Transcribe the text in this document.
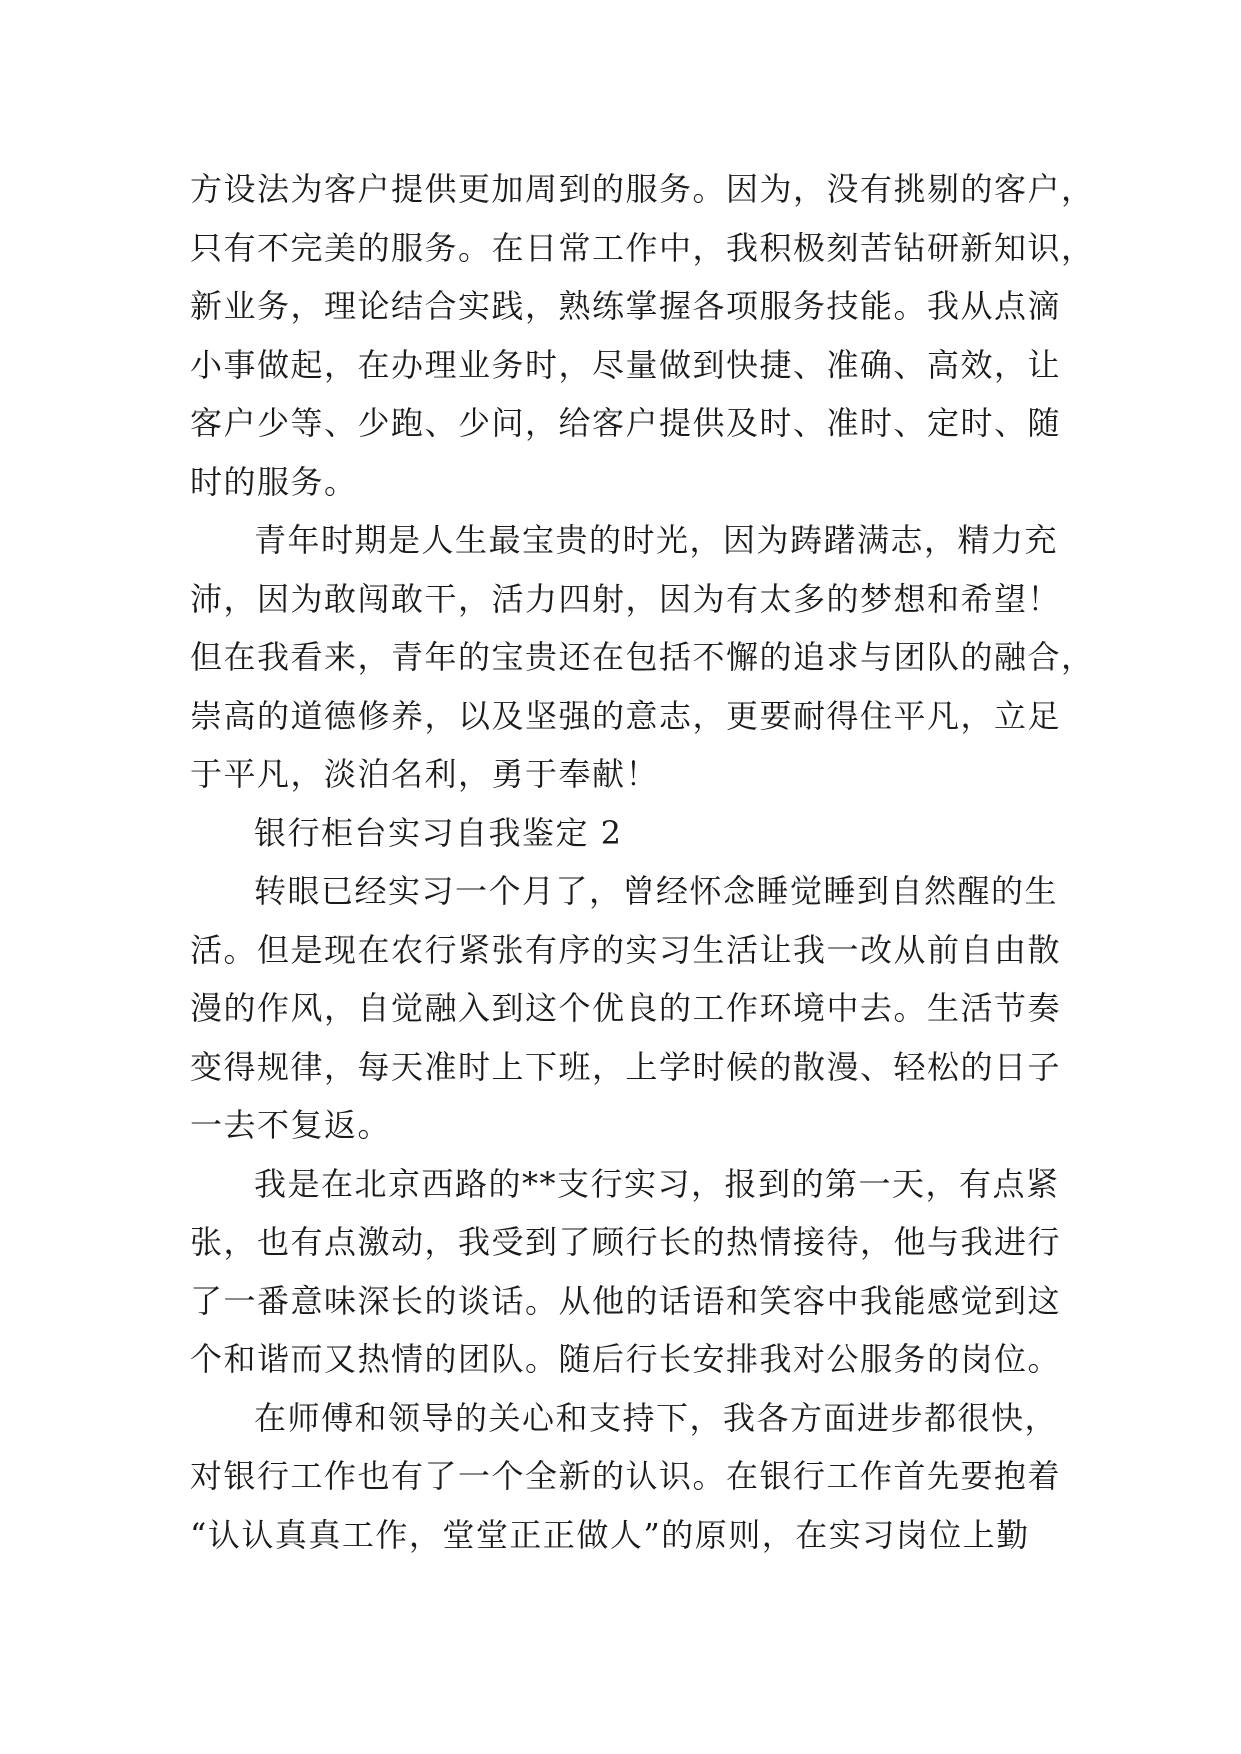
方设法为客户提供更加周到的服务。因为，没有挑剔的客户，
只有不完美的服务。在日常工作中，我积极刻苦钻研新知识，
新业务，理论结合实践，熟练掌握各项服务技能。我从点滴
小事做起，在办理业务时，尽量做到快捷、准确、高效，让
客户少等、少跑、少问，给客户提供及时、准时、定时、随
时的服务。
青年时期是人生最宝贵的时光，因为踌躇满志，精力充
沛，因为敢闯敢干，活力四射，因为有太多的梦想和希望！
但在我看来，青年的宝贵还在包括不懈的追求与团队的融合，
崇高的道德修养，以及坚强的意志，更要耐得住平凡，立足
于平凡，淡泊名利，勇于奉献！
银行柜台实习自我鉴定 2
转眼已经实习一个月了，曾经怀念睡觉睡到自然醒的生
活。但是现在农行紧张有序的实习生活让我一改从前自由散
漫的作风，自觉融入到这个优良的工作环境中去。生活节奏
变得规律，每天准时上下班，上学时候的散漫、轻松的日子
一去不复返。
我是在北京西路的**支行实习，报到的第一天，有点紧
张，也有点激动，我受到了顾行长的热情接待，他与我进行
了一番意味深长的谈话。从他的话语和笑容中我能感觉到这
个和谐而又热情的团队。随后行长安排我对公服务的岗位。
在师傅和领导的关心和支持下，我各方面进步都很快，
对银行工作也有了一个全新的认识。在银行工作首先要抱着
“认认真真工作，堂堂正正做人”的原则，在实习岗位上勤
